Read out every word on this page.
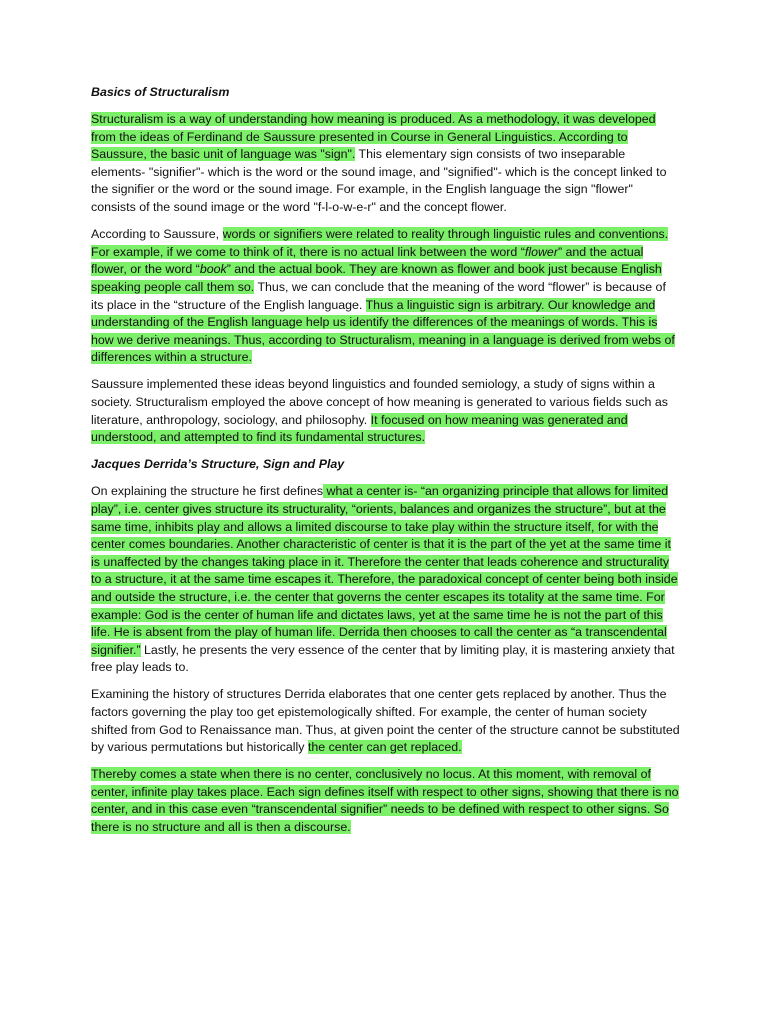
Basics of Structuralism
Structuralism is a way of understanding how meaning is produced. As a methodology, it was developed from the ideas of Ferdinand de Saussure presented in Course in General Linguistics. According to Saussure, the basic unit of language was "sign". This elementary sign consists of two inseparable elements- "signifier"- which is the word or the sound image, and "signified"- which is the concept linked to the signifier or the word or the sound image. For example, in the English language the sign "flower" consists of the sound image or the word "f-l-o-w-e-r" and the concept flower.
According to Saussure, words or signifiers were related to reality through linguistic rules and conventions. For example, if we come to think of it, there is no actual link between the word “flower” and the actual flower, or the word “book” and the actual book. They are known as flower and book just because English speaking people call them so. Thus, we can conclude that the meaning of the word “flower” is because of its place in the “structure of the English language. Thus a linguistic sign is arbitrary. Our knowledge and understanding of the English language help us identify the differences of the meanings of words. This is how we derive meanings. Thus, according to Structuralism, meaning in a language is derived from webs of differences within a structure.
Saussure implemented these ideas beyond linguistics and founded semiology, a study of signs within a society. Structuralism employed the above concept of how meaning is generated to various fields such as literature, anthropology, sociology, and philosophy. It focused on how meaning was generated and understood, and attempted to find its fundamental structures.
Jacques Derrida’s Structure, Sign and Play
On explaining the structure he first defines what a center is- “an organizing principle that allows for limited play”, i.e. center gives structure its structurality, “orients, balances and organizes the structure”, but at the same time, inhibits play and allows a limited discourse to take play within the structure itself, for with the center comes boundaries. Another characteristic of center is that it is the part of the yet at the same time it is unaffected by the changes taking place in it. Therefore the center that leads coherence and structurality to a structure, it at the same time escapes it. Therefore, the paradoxical concept of center being both inside and outside the structure, i.e. the center that governs the center escapes its totality at the same time. For example: God is the center of human life and dictates laws, yet at the same time he is not the part of this life. He is absent from the play of human life. Derrida then chooses to call the center as “a transcendental signifier.” Lastly, he presents the very essence of the center that by limiting play, it is mastering anxiety that free play leads to.
Examining the history of structures Derrida elaborates that one center gets replaced by another. Thus the factors governing the play too get epistemologically shifted. For example, the center of human society shifted from God to Renaissance man. Thus, at given point the center of the structure cannot be substituted by various permutations but historically the center can get replaced.
Thereby comes a state when there is no center, conclusively no locus. At this moment, with removal of center, infinite play takes place. Each sign defines itself with respect to other signs, showing that there is no center, and in this case even “transcendental signifier” needs to be defined with respect to other signs. So there is no structure and all is then a discourse.
